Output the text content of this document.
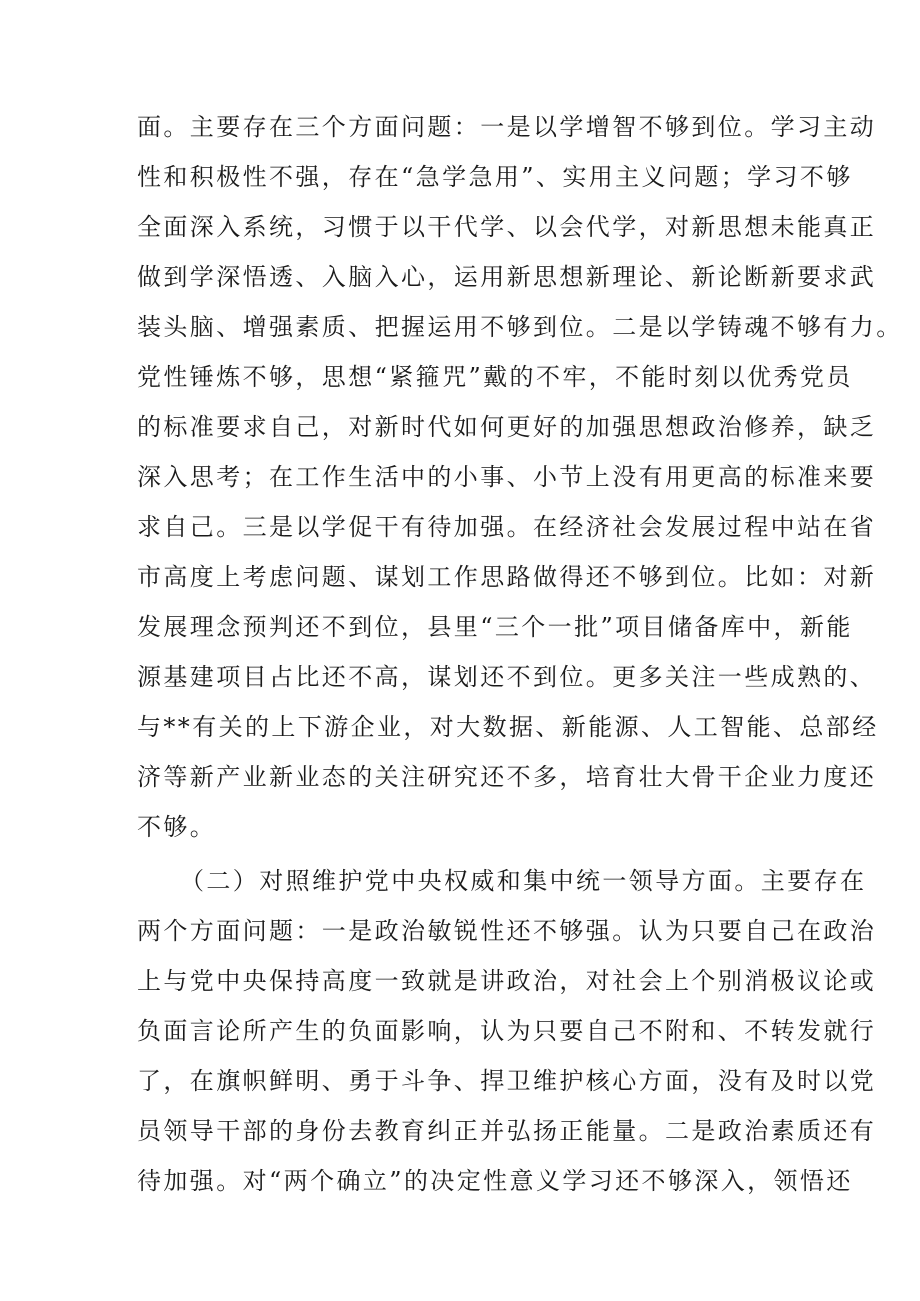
面。主要存在三个方面问题：一是以学增智不够到位。学习主动
性和积极性不强，存在“急学急用”、实用主义问题；学习不够
全面深入系统，习惯于以干代学、以会代学，对新思想未能真正
做到学深悟透、入脑入心，运用新思想新理论、新论断新要求武
装头脑、增强素质、把握运用不够到位。二是以学铸魂不够有力。
党性锤炼不够，思想“紧箍咒”戴的不牢，不能时刻以优秀党员
的标准要求自己，对新时代如何更好的加强思想政治修养，缺乏
深入思考；在工作生活中的小事、小节上没有用更高的标准来要
求自己。三是以学促干有待加强。在经济社会发展过程中站在省
市高度上考虑问题、谋划工作思路做得还不够到位。比如：对新
发展理念预判还不到位，县里“三个一批”项目储备库中，新能
源基建项目占比还不高，谋划还不到位。更多关注一些成熟的、
与**有关的上下游企业，对大数据、新能源、人工智能、总部经
济等新产业新业态的关注研究还不多，培育壮大骨干企业力度还
不够。
（二）对照维护党中央权威和集中统一领导方面。主要存在
两个方面问题：一是政治敏锐性还不够强。认为只要自己在政治
上与党中央保持高度一致就是讲政治，对社会上个别消极议论或
负面言论所产生的负面影响，认为只要自己不附和、不转发就行
了，在旗帜鲜明、勇于斗争、捍卫维护核心方面，没有及时以党
员领导干部的身份去教育纠正并弘扬正能量。二是政治素质还有
待加强。对“两个确立”的决定性意义学习还不够深入，领悟还
